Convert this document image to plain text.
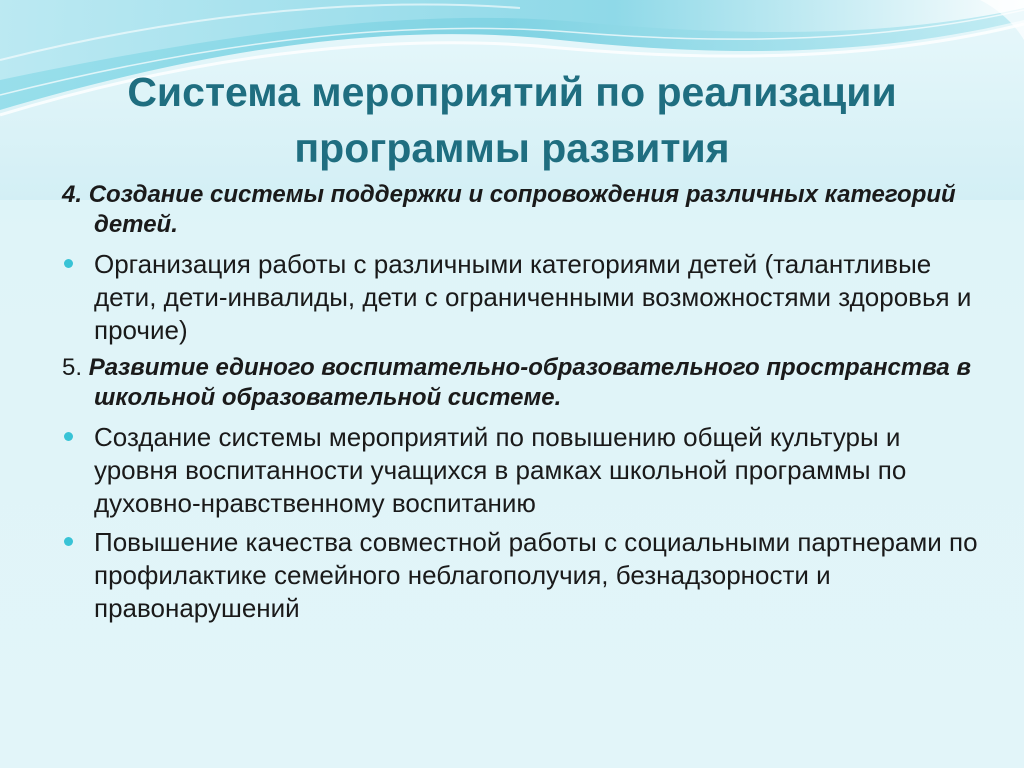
Система мероприятий по реализации программы развития

4. Создание системы поддержки и сопровождения различных категорий детей.

Организация работы с различными категориями детей (талантливые дети, дети-инвалиды, дети с ограниченными возможностями здоровья и прочие)

5. Развитие единого воспитательно-образовательного пространства в школьной образовательной системе.

Создание системы мероприятий по повышению общей культуры и уровня воспитанности учащихся в рамках школьной программы по духовно-нравственному воспитанию

Повышение качества совместной работы с социальными партнерами по профилактике семейного неблагополучия, безнадзорности и правонарушений
